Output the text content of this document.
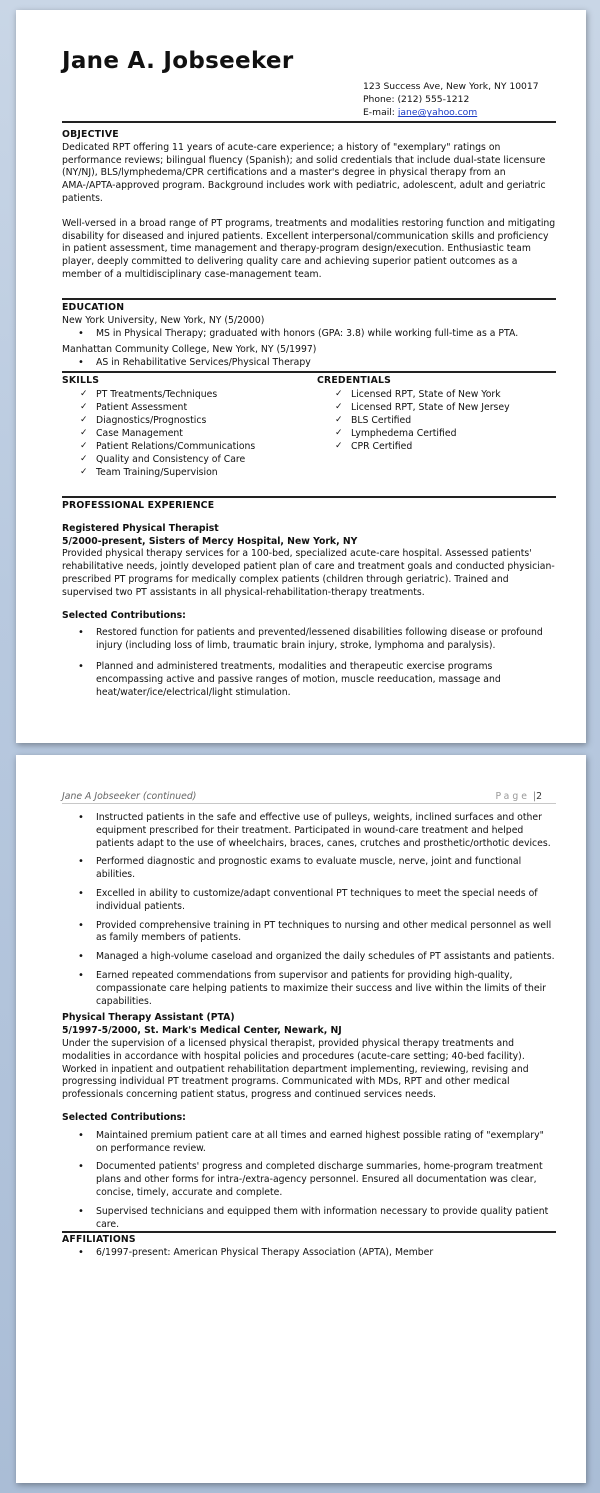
Jane A. Jobseeker
123 Success Ave, New York, NY 10017
Phone: (212) 555-1212
E-mail: jane@yahoo.com
OBJECTIVE

Dedicated RPT offering 11 years of acute-care experience; a history of "exemplary" ratings on performance reviews; bilingual fluency (Spanish); and solid credentials that include dual-state licensure (NY/NJ), BLS/lymphedema/CPR certifications and a master's degree in physical therapy from an AMA-/APTA-approved program. Background includes work with pediatric, adolescent, adult and geriatric patients.

Well-versed in a broad range of PT programs, treatments and modalities restoring function and mitigating disability for diseased and injured patients. Excellent interpersonal/communication skills and proficiency in patient assessment, time management and therapy-program design/execution. Enthusiastic team player, deeply committed to delivering quality care and achieving superior patient outcomes as a member of a multidisciplinary case-management team.

EDUCATION
New York University, New York, NY (5/2000)
• MS in Physical Therapy; graduated with honors (GPA: 3.8) while working full-time as a PTA.
Manhattan Community College, New York, NY (5/1997)
• AS in Rehabilitative Services/Physical Therapy
SKILLS
✓ PT Treatments/Techniques
✓ Patient Assessment
✓ Diagnostics/Prognostics
✓ Case Management
✓ Patient Relations/Communications
✓ Quality and Consistency of Care
✓ Team Training/Supervision
CREDENTIALS
✓ Licensed RPT, State of New York
✓ Licensed RPT, State of New Jersey
✓ BLS Certified
✓ Lymphedema Certified
✓ CPR Certified
PROFESSIONAL EXPERIENCE
Registered Physical Therapist
5/2000-present, Sisters of Mercy Hospital, New York, NY

Provided physical therapy services for a 100-bed, specialized acute-care hospital. Assessed patients' rehabilitative needs, jointly developed patient plan of care and treatment goals and conducted physician-prescribed PT programs for medically complex patients (children through geriatric). Trained and supervised two PT assistants in all physical-rehabilitation-therapy treatments.

Selected Contributions:
• Restored function for patients and prevented/lessened disabilities following disease or profound injury (including loss of limb, traumatic brain injury, stroke, lymphoma and paralysis).
• Planned and administered treatments, modalities and therapeutic exercise programs encompassing active and passive ranges of motion, muscle reeducation, massage and heat/water/ice/electrical/light stimulation.
Jane A Jobseeker (continued)	Page |2
• Instructed patients in the safe and effective use of pulleys, weights, inclined surfaces and other equipment prescribed for their treatment. Participated in wound-care treatment and helped patients adapt to the use of wheelchairs, braces, canes, crutches and prosthetic/orthotic devices.
• Performed diagnostic and prognostic exams to evaluate muscle, nerve, joint and functional abilities.
• Excelled in ability to customize/adapt conventional PT techniques to meet the special needs of individual patients.
• Provided comprehensive training in PT techniques to nursing and other medical personnel as well as family members of patients.
• Managed a high-volume caseload and organized the daily schedules of PT assistants and patients.
• Earned repeated commendations from supervisor and patients for providing high-quality, compassionate care helping patients to maximize their success and live within the limits of their capabilities.
Physical Therapy Assistant (PTA)
5/1997-5/2000, St. Mark's Medical Center, Newark, NJ

Under the supervision of a licensed physical therapist, provided physical therapy treatments and modalities in accordance with hospital policies and procedures (acute-care setting; 40-bed facility). Worked in inpatient and outpatient rehabilitation department implementing, reviewing, revising and progressing individual PT treatment programs. Communicated with MDs, RPT and other medical professionals concerning patient status, progress and continued services needs.

Selected Contributions:
• Maintained premium patient care at all times and earned highest possible rating of "exemplary" on performance review.
• Documented patients' progress and completed discharge summaries, home-program treatment plans and other forms for intra-/extra-agency personnel. Ensured all documentation was clear, concise, timely, accurate and complete.
• Supervised technicians and equipped them with information necessary to provide quality patient care.
AFFILIATIONS
• 6/1997-present: American Physical Therapy Association (APTA), Member
